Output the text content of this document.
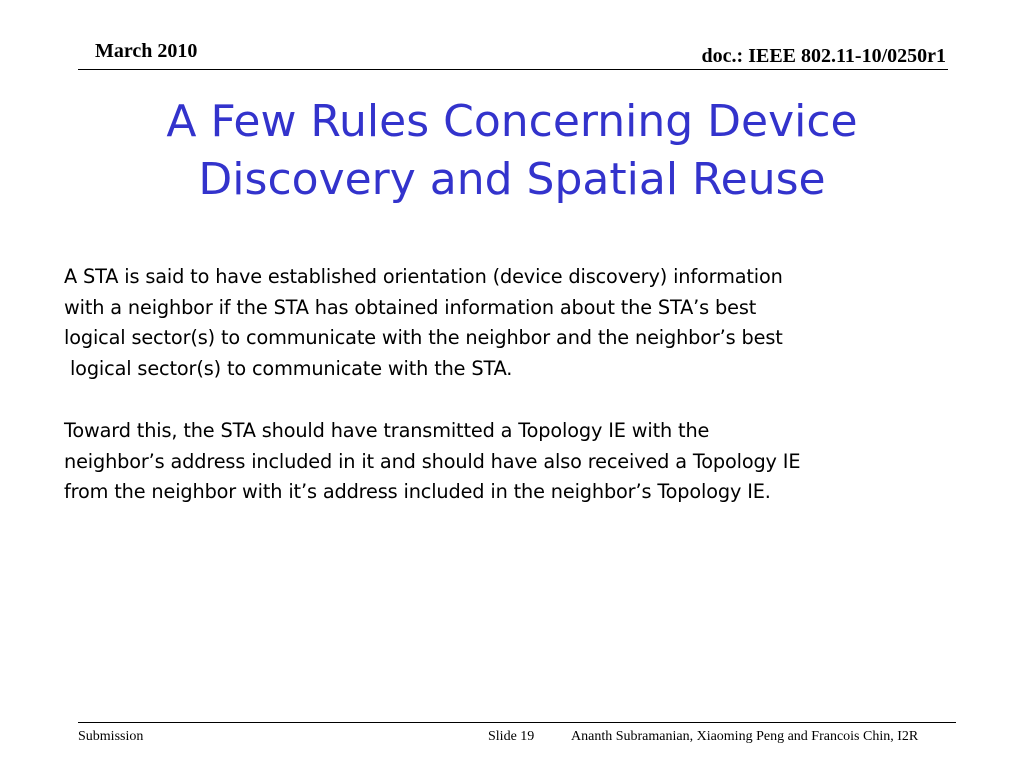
March 2010	doc.: IEEE 802.11-10/0250r1
A Few Rules Concerning Device
Discovery and Spatial Reuse
A STA is said to have established orientation (device discovery) information
with a neighbor if the STA has obtained information about the STA’s best
logical sector(s) to communicate with the neighbor and the neighbor’s best
logical sector(s) to communicate with the STA.
Toward this, the STA should have transmitted a Topology IE with the
neighbor’s address included in it and should have also received a Topology IE
from the neighbor with it’s address included in the neighbor’s Topology IE.
Submission	Slide 19	Ananth Subramanian, Xiaoming Peng and Francois Chin, I2R
